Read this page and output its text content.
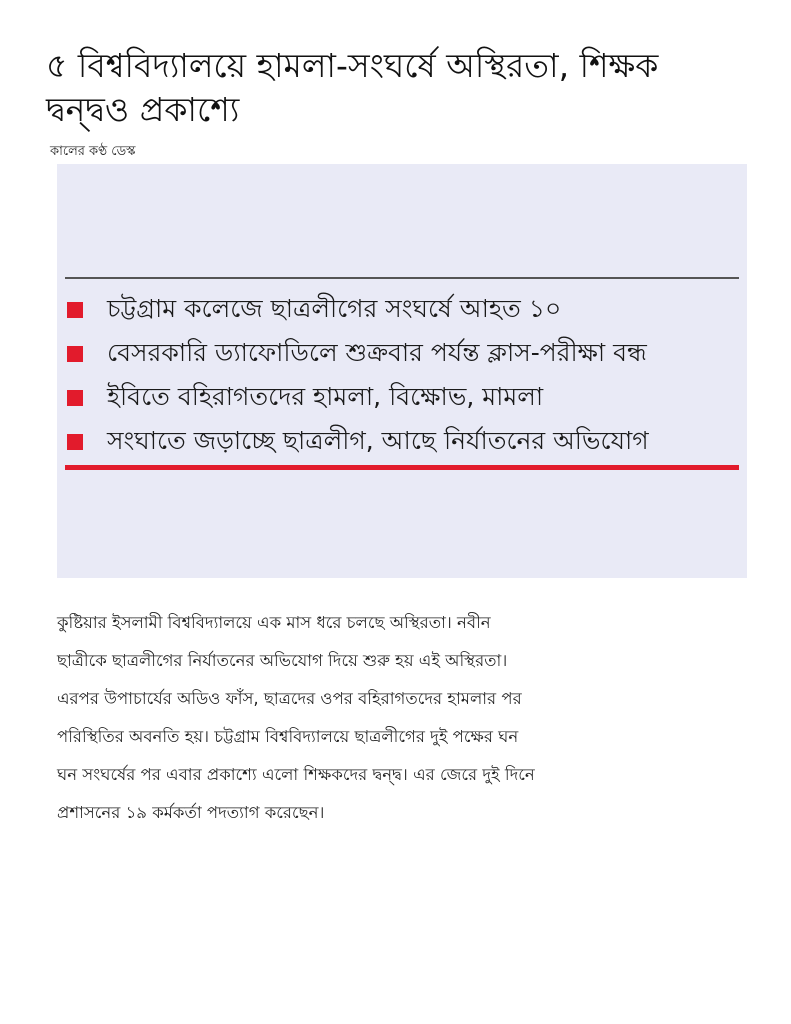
৫ বিশ্ববিদ্যালয়ে হামলা-সংঘর্ষে অস্থিরতা, শিক্ষক দ্বন্দ্বও প্রকাশ্যে
কালের কণ্ঠ ডেস্ক
চট্টগ্রাম কলেজে ছাত্রলীগের সংঘর্ষে আহত ১০
বেসরকারি ড্যাফোডিলে শুক্রবার পর্যন্ত ক্লাস-পরীক্ষা বন্ধ
ইবিতে বহিরাগতদের হামলা, বিক্ষোভ, মামলা
সংঘাতে জড়াচ্ছে ছাত্রলীগ, আছে নির্যাতনের অভিযোগ

কুষ্টিয়ার ইসলামী বিশ্ববিদ্যালয়ে এক মাস ধরে চলছে অস্থিরতা। নবীন ছাত্রীকে ছাত্রলীগের নির্যাতনের অভিযোগ দিয়ে শুরু হয় এই অস্থিরতা। এরপর উপাচার্যের অডিও ফাঁস, ছাত্রদের ওপর বহিরাগতদের হামলার পর পরিস্থিতির অবনতি হয়। চট্টগ্রাম বিশ্ববিদ্যালয়ে ছাত্রলীগের দুই পক্ষের ঘন ঘন সংঘর্ষের পর এবার প্রকাশ্যে এলো শিক্ষকদের দ্বন্দ্ব। এর জেরে দুই দিনে প্রশাসনের ১৯ কর্মকর্তা পদত্যাগ করেছেন।
